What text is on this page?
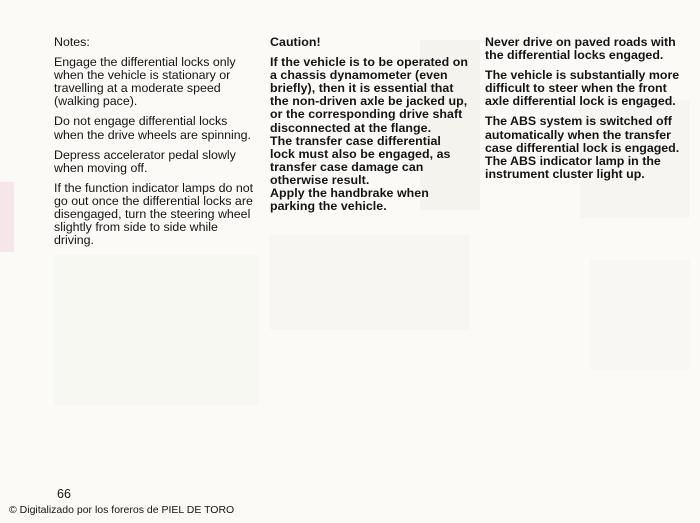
Notes:

Engage the differential locks only when the vehicle is stationary or travelling at a moderate speed (walking pace).

Do not engage differential locks when the drive wheels are spinning.

Depress accelerator pedal slowly when moving off.

If the function indicator lamps do not go out once the differential locks are disengaged, turn the steering wheel slightly from side to side while driving.

Caution!

If the vehicle is to be operated on a chassis dynamometer (even briefly), then it is essential that the non-driven axle be jacked up, or the corresponding drive shaft disconnected at the flange.

The transfer case differential lock must also be engaged, as transfer case damage can otherwise result.

Apply the handbrake when parking the vehicle.

Never drive on paved roads with the differential locks engaged.

The vehicle is substantially more difficult to steer when the front axle differential lock is engaged.

The ABS system is switched off automatically when the transfer case differential lock is engaged.

The ABS indicator lamp in the instrument cluster light up.

66
© Digitalizado por los foreros de PIEL DE TORO
